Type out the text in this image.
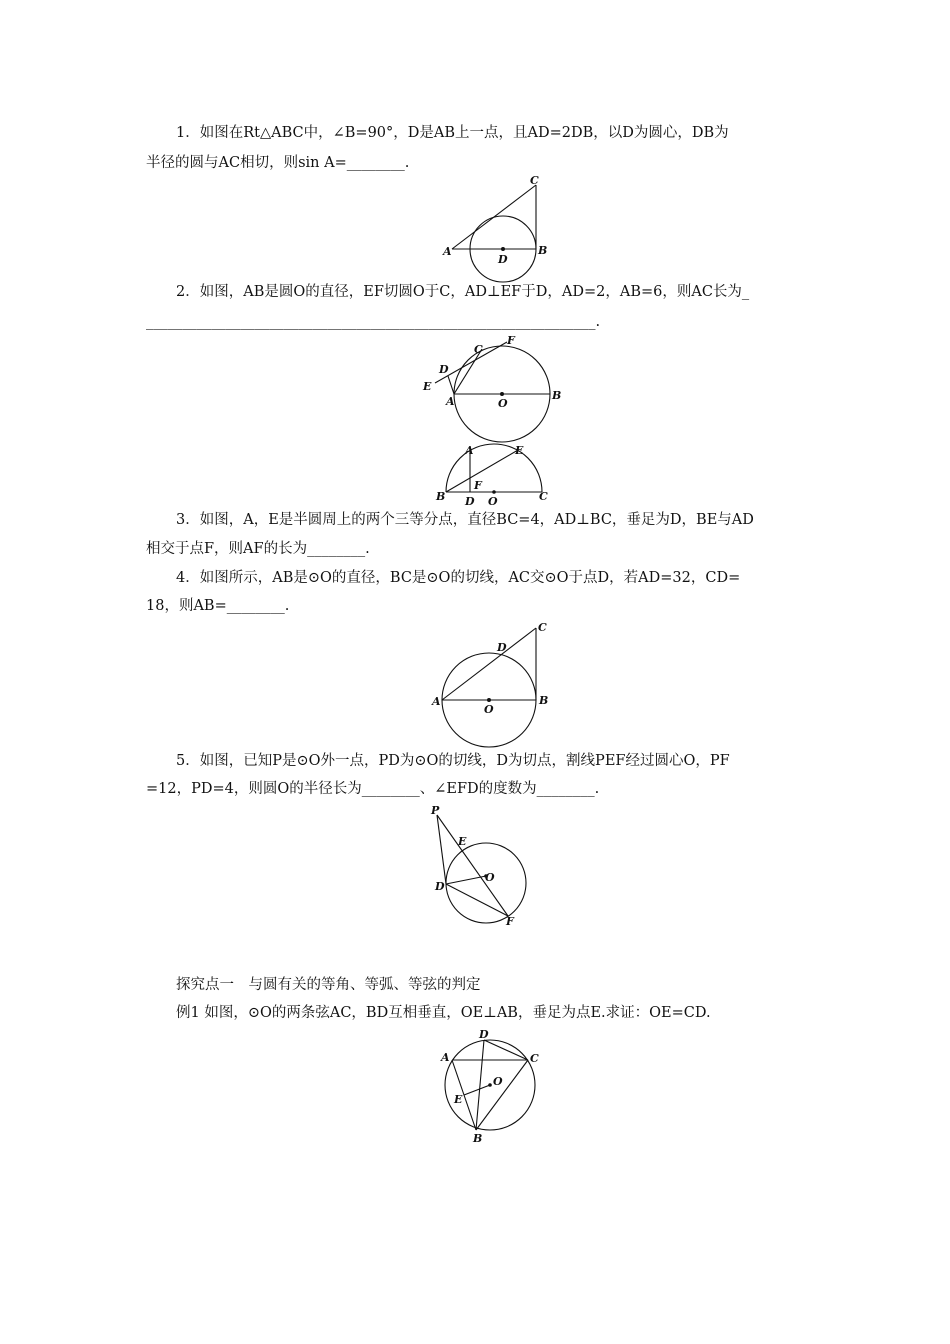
1．如图在Rt△ABC中，∠B=90°，D是AB上一点，且AD=2DB，以D为圆心，DB为
半径的圆与AC相切，则sin A=________.
A	B
C
D
2．如图，AB是圆O的直径，EF切圆O于C，AD⊥EF于D，AD=2，AB=6，则AC长为_
______________________________________________________________.
A	B
C
D
E
F
O
A
B	C
D
E
F
O
3．如图，A，E是半圆周上的两个三等分点，直径BC=4，AD⊥BC，垂足为D，BE与AD
相交于点F，则AF的长为________.
4．如图所示，AB是⊙O的直径，BC是⊙O的切线，AC交⊙O于点D，若AD=32，CD=
18，则AB=________.
A	B
C
D
O
5．如图，已知P是⊙O外一点，PD为⊙O的切线，D为切点，割线PEF经过圆心O，PF
=12，PD=4，则圆O的半径长为________、∠EFD的度数为________.
P
E
O
D
F
探究点一　与圆有关的等角、等弧、等弦的判定
例1 如图，⊙O的两条弦AC，BD互相垂直，OE⊥AB，垂足为点E.求证：OE=CD.
A
B
C
D
E
O
